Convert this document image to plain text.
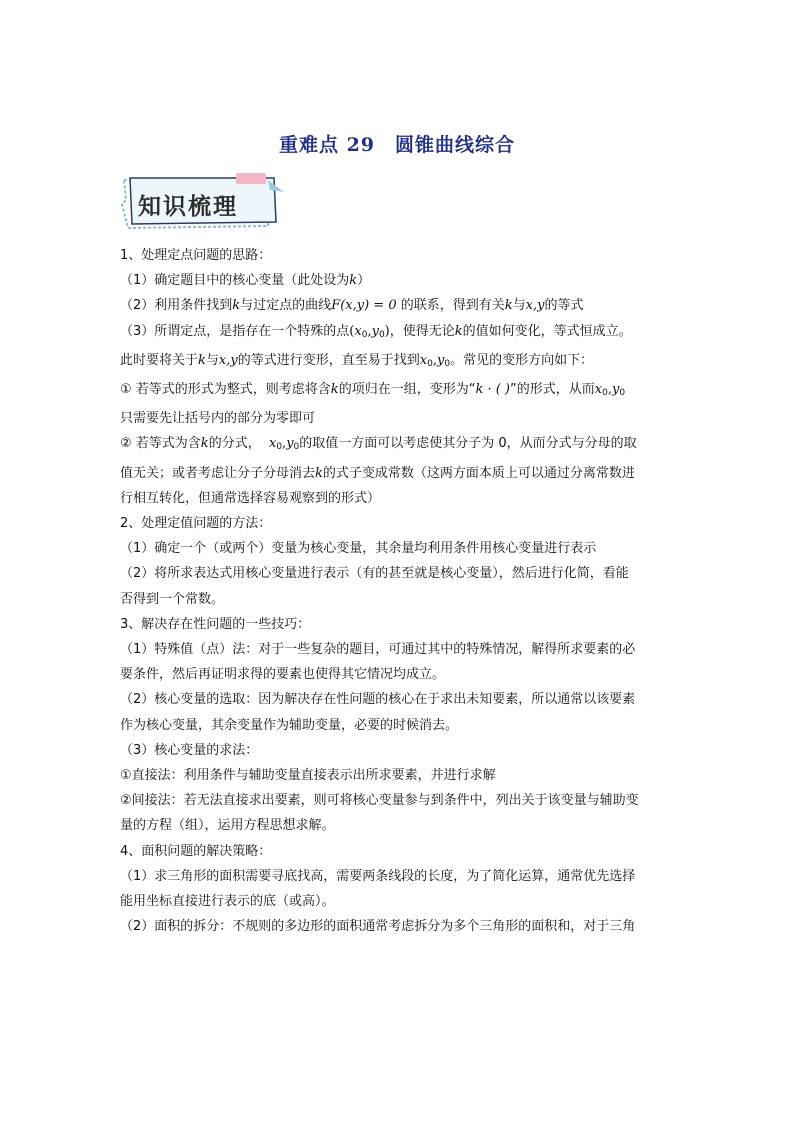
重难点 29　圆锥曲线综合
知识梳理
1、处理定点问题的思路：
（1）确定题目中的核心变量（此处设为k）
（2）利用条件找到k与过定点的曲线F(x,y) = 0 的联系，得到有关k与x,y的等式
（3）所谓定点，是指存在一个特殊的点$(x_0,y_0)$，使得无论k的值如何变化，等式恒成立。
此时要将关于k与x,y的等式进行变形，直至易于找到$x_0,y_0$。常见的变形方向如下：
① 若等式的形式为整式，则考虑将含k的项归在一组，变形为“k · ( )”的形式，从而$x_0,y_0$
只需要先让括号内的部分为零即可
② 若等式为含k的分式， $x_0,y_0$的取值一方面可以考虑使其分子为 0，从而分式与分母的取
值无关；或者考虑让分子分母消去k的式子变成常数（这两方面本质上可以通过分离常数进
行相互转化，但通常选择容易观察到的形式）
2、处理定值问题的方法：
（1）确定一个（或两个）变量为核心变量，其余量均利用条件用核心变量进行表示
（2）将所求表达式用核心变量进行表示（有的甚至就是核心变量），然后进行化简，看能
否得到一个常数。
3、解决存在性问题的一些技巧：
（1）特殊值（点）法：对于一些复杂的题目，可通过其中的特殊情况，解得所求要素的必
要条件，然后再证明求得的要素也使得其它情况均成立。
（2）核心变量的选取：因为解决存在性问题的核心在于求出未知要素，所以通常以该要素
作为核心变量，其余变量作为辅助变量，必要的时候消去。
（3）核心变量的求法：
①直接法：利用条件与辅助变量直接表示出所求要素，并进行求解
②间接法：若无法直接求出要素，则可将核心变量参与到条件中，列出关于该变量与辅助变
量的方程（组），运用方程思想求解。
4、面积问题的解决策略：
（1）求三角形的面积需要寻底找高，需要两条线段的长度，为了简化运算，通常优先选择
能用坐标直接进行表示的底（或高）。
（2）面积的拆分：不规则的多边形的面积通常考虑拆分为多个三角形的面积和，对于三角
